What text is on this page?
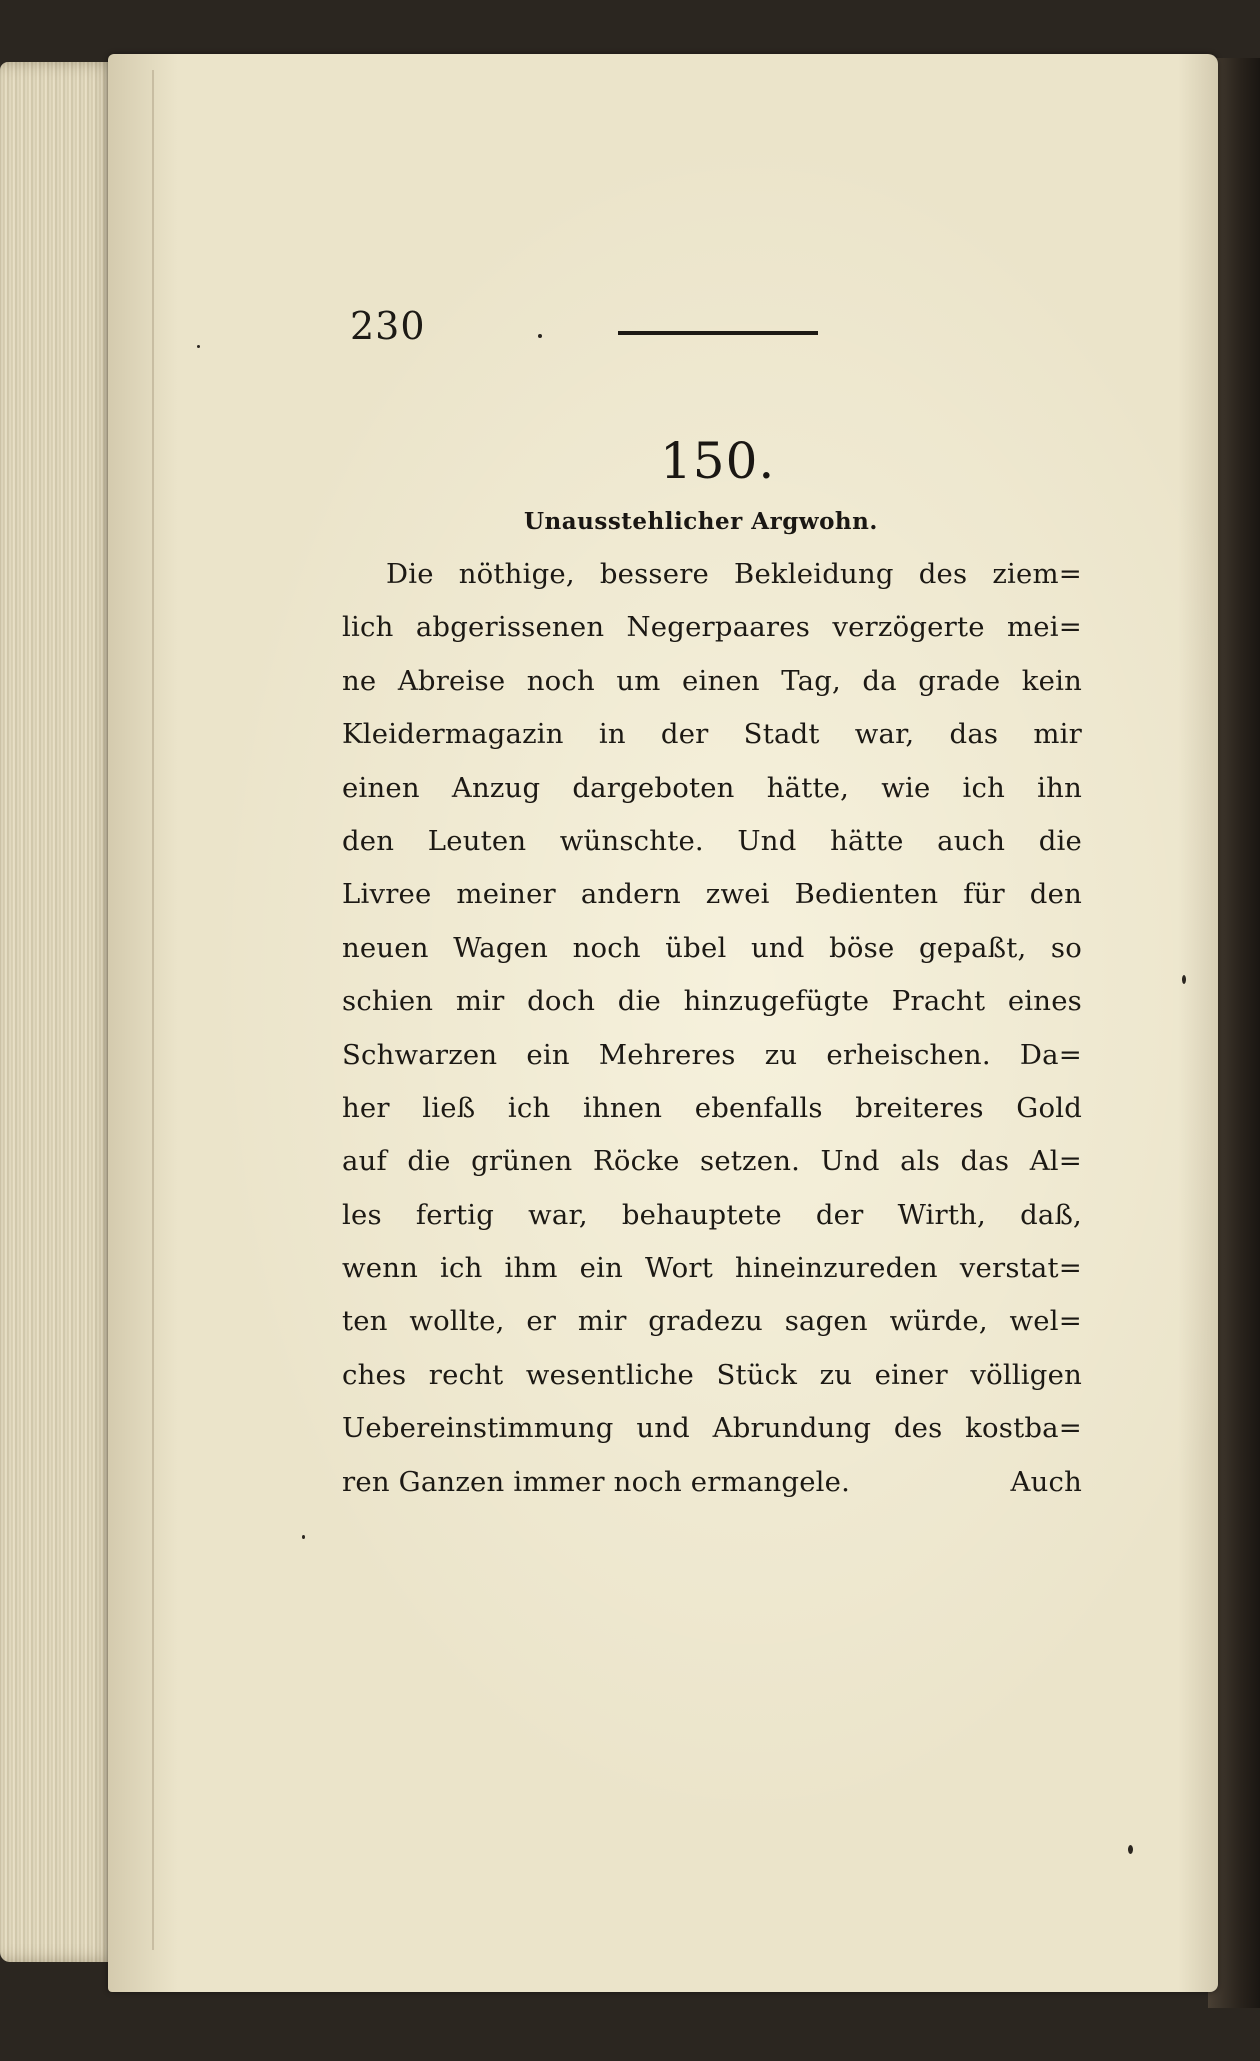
230
150.
Unausstehlicher Argwohn.
Die nöthige, bessere Bekleidung des ziem=
lich abgerissenen Negerpaares verzögerte mei=
ne Abreise noch um einen Tag, da grade kein
Kleidermagazin in der Stadt war, das mir
einen Anzug dargeboten hätte, wie ich ihn
den Leuten wünschte. Und hätte auch die
Livree meiner andern zwei Bedienten für den
neuen Wagen noch übel und böse gepaßt, so
schien mir doch die hinzugefügte Pracht eines
Schwarzen ein Mehreres zu erheischen. Da=
her ließ ich ihnen ebenfalls breiteres Gold
auf die grünen Röcke setzen. Und als das Al=
les fertig war, behauptete der Wirth, daß,
wenn ich ihm ein Wort hineinzureden verstat=
ten wollte, er mir gradezu sagen würde, wel=
ches recht wesentliche Stück zu einer völligen
Uebereinstimmung und Abrundung des kostba=
ren Ganzen immer noch ermangele.	Auch
